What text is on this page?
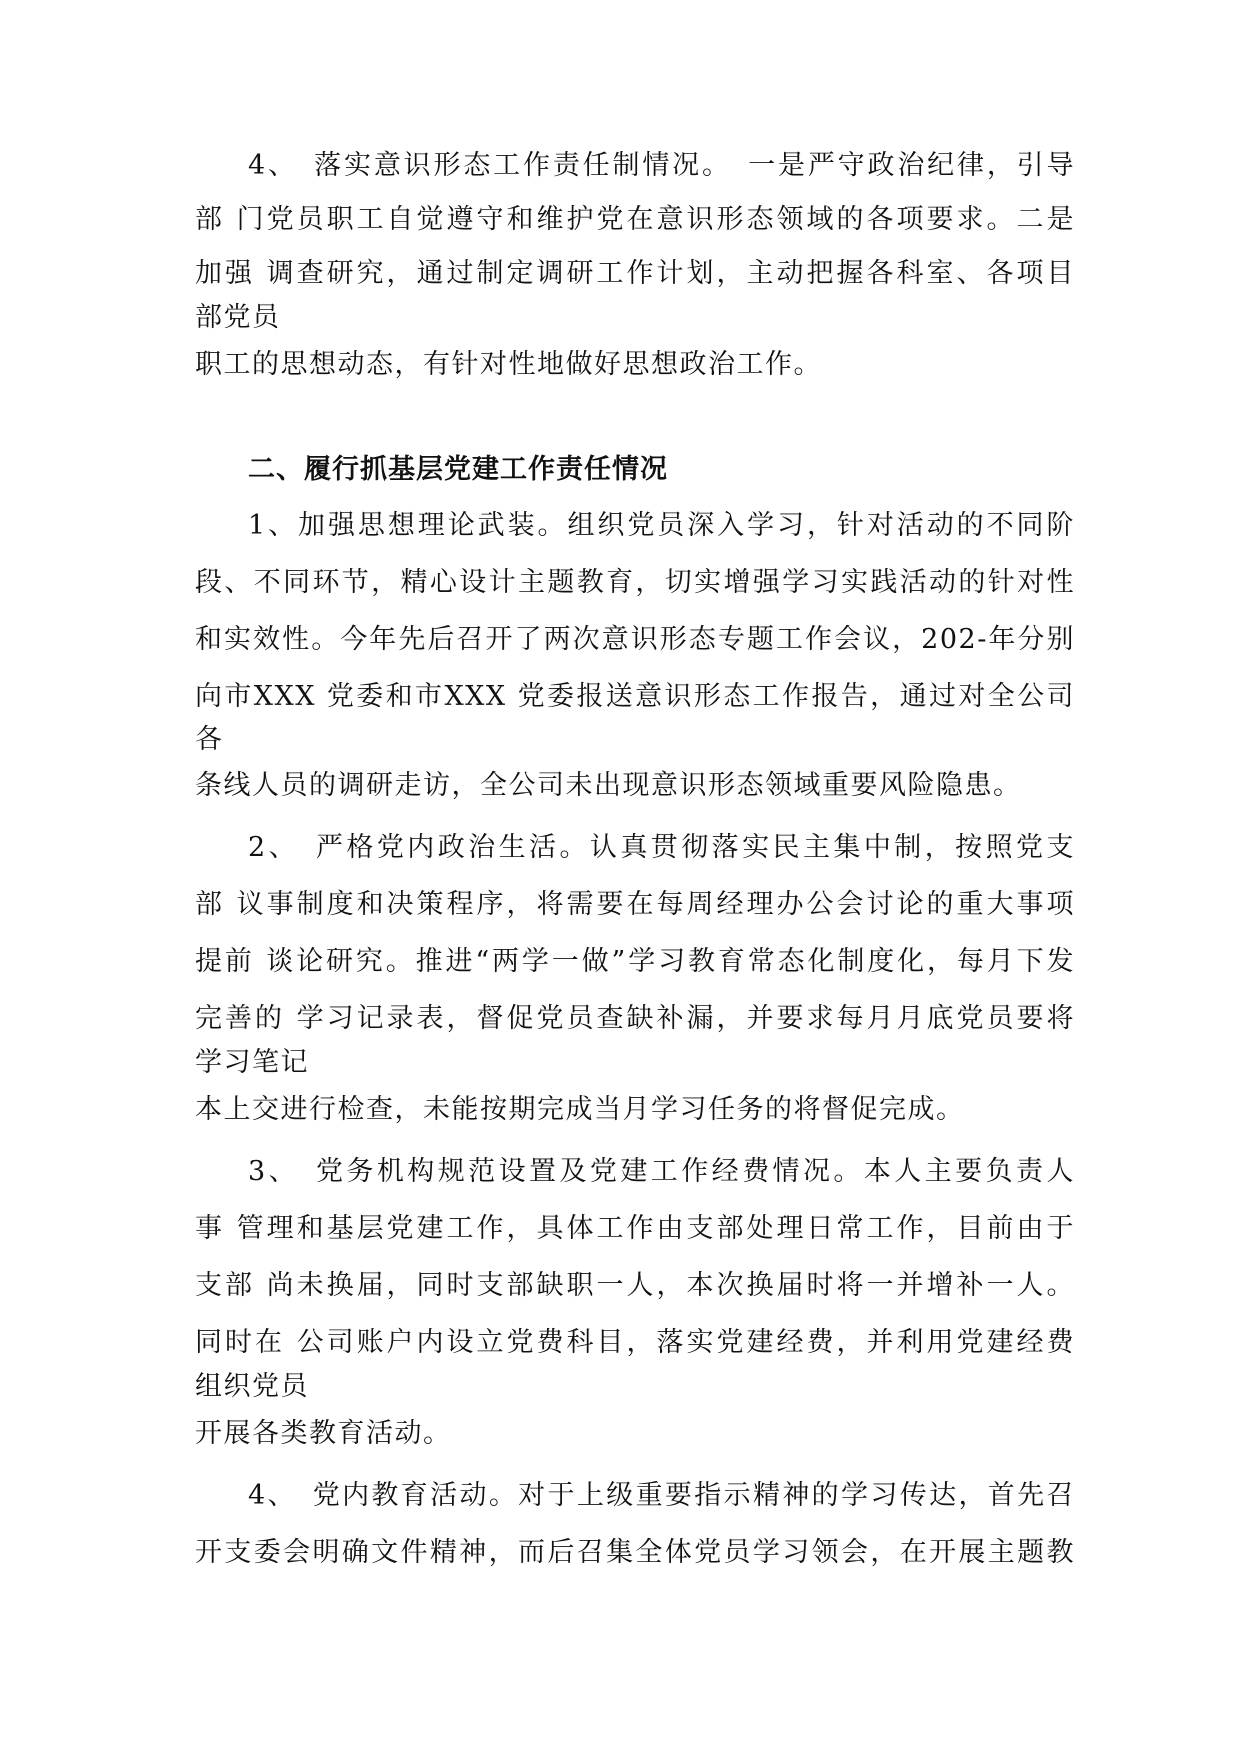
4、　落实意识形态工作责任制情况。　一是严守政治纪律，引导
部 门党员职工自觉遵守和维护党在意识形态领域的各项要求。二是
加强 调查研究，通过制定调研工作计划，主动把握各科室、各项目
部党员
职工的思想动态，有针对性地做好思想政治工作。
二、履行抓基层党建工作责任情况
1、加强思想理论武装。组织党员深入学习，针对活动的不同阶
段、不同环节，精心设计主题教育，切实增强学习实践活动的针对性
和实效性。今年先后召开了两次意识形态专题工作会议，202-年分别
向市XXX 党委和市XXX 党委报送意识形态工作报告，通过对全公司
各
条线人员的调研走访，全公司未出现意识形态领域重要风险隐患。
2、　严格党内政治生活。认真贯彻落实民主集中制，按照党支
部 议事制度和决策程序，将需要在每周经理办公会讨论的重大事项
提前 谈论研究。推进“两学一做”学习教育常态化制度化，每月下发
完善的 学习记录表，督促党员查缺补漏，并要求每月月底党员要将
学习笔记
本上交进行检查，未能按期完成当月学习任务的将督促完成。
3、　党务机构规范设置及党建工作经费情况。本人主要负责人
事 管理和基层党建工作，具体工作由支部处理日常工作，目前由于
支部 尚未换届，同时支部缺职一人，本次换届时将一并增补一人。
同时在 公司账户内设立党费科目，落实党建经费，并利用党建经费
组织党员
开展各类教育活动。
4、　党内教育活动。对于上级重要指示精神的学习传达，首先召
开支委会明确文件精神，而后召集全体党员学习领会，在开展主题教
